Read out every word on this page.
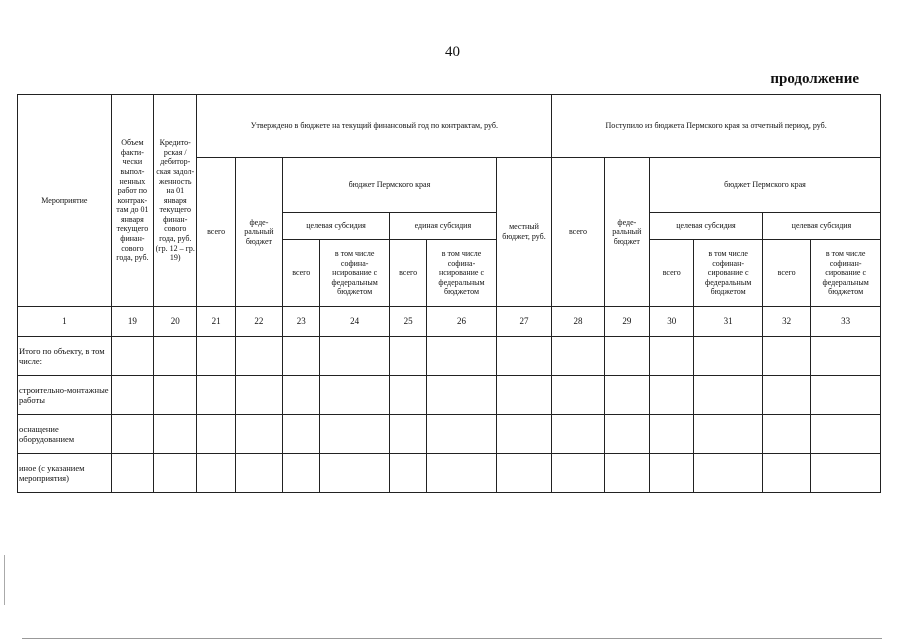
40
продолжение
Мероприятие	Объем факти-чески выпол-ненных работ по контрак-там до 01 января текущего финан-сового года, руб.	Кредито-рская / дебитор-ская задол-женность на 01 января текущего финан-сового года, руб. (гр. 12 – гр. 19)	Утверждено в бюджете на текущий финансовый год по контрактам, руб.							Поступило из бюджета Пермского края за отчетный период, руб.					
			всего	феде-ральный бюджет	бюджет Пермского края				местный бюджет, руб.	всего	феде-ральный бюджет	бюджет Пермского края			
					целевая субсидия		единая субсидия					целевая субсидия		целевая субсидия	
					всего	в том числе софина-нсирование с федеральным бюджетом	всего	в том числе софина-нсирование с федеральным бюджетом				всего	в том числе софинан-сирование с федеральным бюджетом	всего	в том числе софинан-сирование с федеральным бюджетом
1	19	20	21	22	23	24	25	26	27	28	29	30	31	32	33
Итого по объекту, в том числе:															
строительно-монтажные работы															
оснащение оборудованием															
иное (с указанием мероприятия)															
